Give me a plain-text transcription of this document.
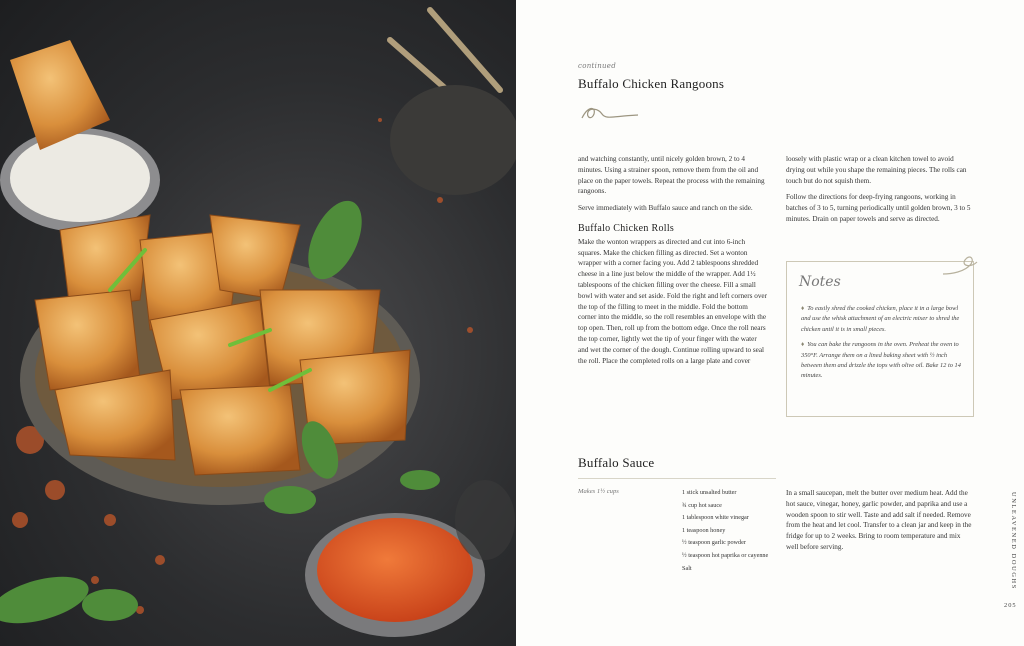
continued
Buffalo Chicken Rangoons

and watching constantly, until nicely golden brown, 2 to 4 minutes. Using a strainer spoon, remove them from the oil and place on the paper towels. Repeat the process with the remaining rangoons.

Serve immediately with Buffalo sauce and ranch on the side.

Buffalo Chicken Rolls

Make the wonton wrappers as directed and cut into 6-inch squares. Make the chicken filling as directed. Set a wonton wrapper with a corner facing you. Add 2 tablespoons shredded cheese in a line just below the middle of the wrapper. Add 1½ tablespoons of the chicken filling over the cheese. Fill a small bowl with water and set aside. Fold the right and left corners over the top of the filling to meet in the middle. Fold the bottom corner into the middle, so the roll resembles an envelope with the top open. Then, roll up from the bottom edge. Once the roll nears the top corner, lightly wet the tip of your finger with the water and wet the corner of the dough. Continue rolling upward to seal the roll. Place the completed rolls on a large plate and cover

loosely with plastic wrap or a clean kitchen towel to avoid drying out while you shape the remaining pieces. The rolls can touch but do not squish them.

Follow the directions for deep-frying rangoons, working in batches of 3 to 5, turning periodically until golden brown, 3 to 5 minutes. Drain on paper towels and serve as directed.

Notes
♦ To easily shred the cooked chicken, place it in a large bowl and use the whisk attachment of an electric mixer to shred the chicken until it is in small pieces.
♦ You can bake the rangoons in the oven. Preheat the oven to 350°F. Arrange them on a lined baking sheet with ½ inch between them and drizzle the tops with olive oil. Bake 12 to 14 minutes.
Buffalo Sauce
Makes 1½ cups	1 stick unsalted butter
¾ cup hot sauce
1 tablespoon white vinegar
1 teaspoon honey
½ teaspoon garlic powder
½ teaspoon hot paprika or cayenne
Salt
In a small saucepan, melt the butter over medium heat. Add the hot sauce, vinegar, honey, garlic powder, and paprika and use a wooden spoon to stir well. Taste and add salt if needed. Remove from the heat and let cool. Transfer to a clean jar and keep in the fridge for up to 2 weeks. Bring to room temperature and mix well before serving.	UNLEAVENED DOUGHS
205
